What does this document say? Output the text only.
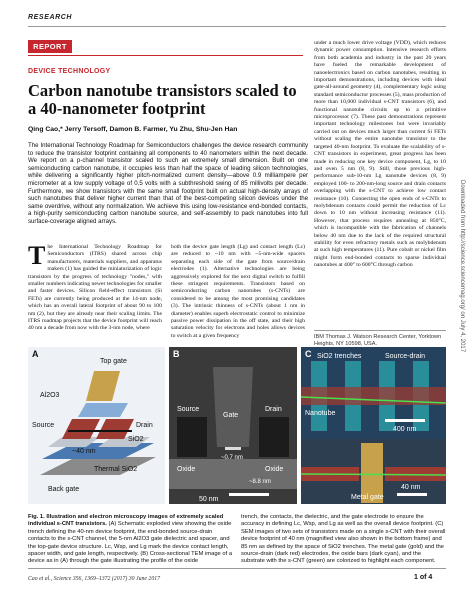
RESEARCH
REPORT
DEVICE TECHNOLOGY
Carbon nanotube transistors scaled to a 40-nanometer footprint
Qing Cao,* Jerry Tersoff, Damon B. Farmer, Yu Zhu, Shu-Jen Han
The International Technology Roadmap for Semiconductors challenges the device research community to reduce the transistor footprint containing all components to 40 nanometers within the next decade. We report on a p-channel transistor scaled to such an extremely small dimension. Built on one semiconducting carbon nanotube, it occupies less than half the space of leading silicon technologies, while delivering a significantly higher pitch-normalized current density—above 0.9 milliampere per micrometer at a low supply voltage of 0.5 volts with a subthreshold swing of 85 millivolts per decade. Furthermore, we show transistors with the same small footprint built on actual high-density arrays of such nanotubes that deliver higher current than that of the best-competing silicon devices under the same overdrive, without any normalization. We achieve this using low-resistance end-bonded contacts, a high-purity semiconducting carbon nanotube source, and self-assembly to pack nanotubes into full surface-coverage aligned arrays.
The International Technology Roadmap for Semiconductors (ITRS) shared across chip manufacturers, materials suppliers, and apparatus makers (1) has guided the miniaturization of logic transistors by the progress of technology "nodes," with smaller numbers indicating newer technologies for smaller and faster devices. Silicon field-effect transistors (Si FETs) are currently being produced at the 14-nm node, which has an overall lateral footprint of about 90 to 100 nm (2), but they are already near their scaling limits. The ITRS roadmap projects that the device footprint will reach 40 nm a decade from now with the 3-nm node, where
both the device gate length (Lg) and contact length (Lc) are reduced to ~10 nm with ~5-nm-wide spacers separating each side of the gate from source/drain electrodes (1). Alternative technologies are being aggressively explored for the next digital switch to fulfill these stringent requirements. Transistors based on semiconducting carbon nanotubes (s-CNTs) are considered to be among the most promising candidates (3). The intrinsic thinness of s-CNTs (about 1 nm in diameter) enables superb electrostatic control to minimize passive power dissipation in the off state, and their high saturation velocity for electrons and holes allows devices to switch at a given frequency
under a much lower drive voltage (VDD), which reduces dynamic power consumption. Intensive research efforts from both academia and industry in the past 20 years have fueled the remarkable development of nanoelectronics based on carbon nanotubes, resulting in important demonstrations, including devices with ideal gate-all-around geometry (4), complementary logic using standard semiconductor processes (5), mass production of more than 10,000 individual s-CNT transistors (6), and functional nanotube circuits up to a primitive microprocessor (7). These past demonstrations represent important technology milestones but were invariably carried out on devices much larger than current Si FETs without scaling the entire nanotube transistor to the targeted 40-nm footprint. To evaluate the scalability of s-CNT transistors in experiment, great progress has been made in reducing one key device component, Lg, to 10 and even 5 nm (8, 9). Still, those previous high-performance sub-10-nm Lg nanotube devices (8, 9) employed 100- to 200-nm-long source and drain contacts overlapping with the s-CNT to achieve low contact resistance (10). Connecting the open ends of s-CNTs to molybdenum contacts could permit the reduction of Lc down to 10 nm without increasing resistance (11). However, that process requires annealing at 850°C, which is incompatible with the fabrication of channels below 40 nm due to the lack of the required structural stability for even refractory metals such as molybdenum at such high temperatures (11). Pure cobalt or nickel film might form end-bonded contacts to sparse individual nanotubes at 400° to 600°C through carbon
IBM Thomas J. Watson Research Center, Yorktown Heights, NY 10598, USA.	Downloaded from http://science.sciencemag.org/ on July 4, 2017
Top gate
Al2O3
Source	Drain
SiO2
~40 nm
Thermal SiO2
Back gate
A
Source
Gate
Drain
Oxide	Oxide
50 nm
~0.7 nm
~8.8 nm
B	SiO2 trenches	Source-drain
Nanotube
400 nm
Metal gate
40 nm
C
Fig. 1. Illustration and electron microscopy images of extremely scaled individual s-CNT transistors. (A) Schematic exploded view showing the oxide trench defining the 40-nm device footprint, the end-bonded source-drain contacts to the s-CNT channel, the 5-nm Al2O3 gate dielectric and spacer, and the top-gate device structure. Lc, Wsp, and Lg mark the device contact length, spacer width, and gate length, respectively. (B) Cross-sectional TEM image of a device as in (A) through the gate illustrating the profile of the oxide
trench, the contacts, the dielectric, and the gate electrode to ensure the accuracy in defining Lc, Wsp, and Lg as well as the overall device footprint. (C) SEM images of two sets of transistors made on a single s-CNT with their overall device footprint of 40 nm (magnified view also shown in the bottom frame) and 85 nm as defined by the space of SiO2 trenches. The metal gate (gold) and the source-drain (dark red) electrodes, the oxide bars (dark cyan), and the substrate with the s-CNT (green) are colorized to highlight each component.
Cao et al., Science 356, 1369–1372 (2017) 30 June 2017	1 of 4
